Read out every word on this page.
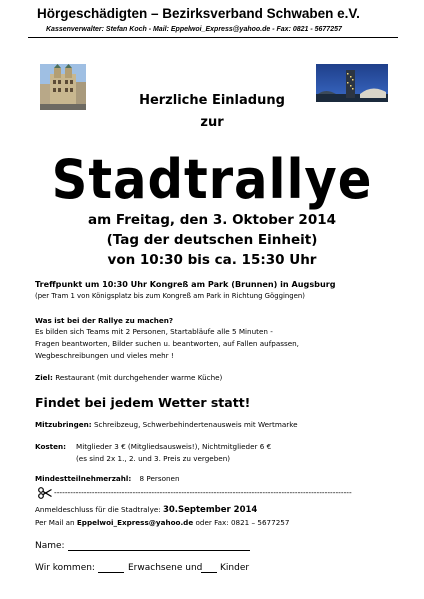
Hörgeschädigten – Bezirksverband Schwaben e.V.
Kassenverwalter: Stefan Koch - Mail: Eppelwoi_Express@yahoo.de - Fax: 0821 - 5677257
Herzliche Einladung
zur
Stadtrallye
am Freitag, den 3. Oktober 2014
(Tag der deutschen Einheit)
von 10:30 bis ca. 15:30 Uhr
Treffpunkt um 10:30 Uhr Kongreß am Park (Brunnen) in Augsburg
(per Tram 1 von Königsplatz bis zum Kongreß am Park in Richtung Göggingen)
Was ist bei der Rallye zu machen?
Es bilden sich Teams mit 2 Personen, Startabläufe alle 5 Minuten -
Fragen beantworten, Bilder suchen u. beantworten, auf Fallen aufpassen,
Wegbeschreibungen und vieles mehr !
Ziel: Restaurant (mit durchgehender warme Küche)
Findet bei jedem Wetter statt!
Mitzubringen: Schreibzeug, Schwerbehindertenausweis mit Wertmarke
Kosten: Mitglieder 3 € (Mitgliedsausweis!), Nichtmitglieder 6 €
(es sind 2x 1., 2. und 3. Preis zu vergeben)
Mindestteilnehmerzahl: 8 Personen
--------------------------------------------------------------------------------------------------------------
Anmeldeschluss für die Stadtralye: 30.September 2014
Per Mail an Eppelwoi_Express@yahoo.de oder Fax: 0821 – 5677257
Name:
Wir kommen:	Erwachsene und Kinder
